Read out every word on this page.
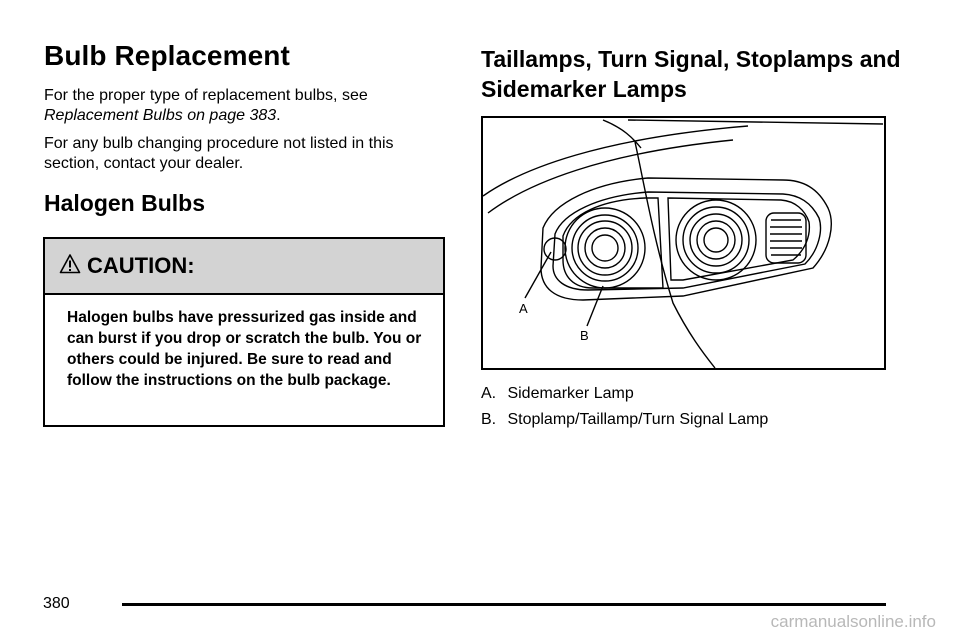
Bulb Replacement

For the proper type of replacement bulbs, see Replacement Bulbs on page 383.

For any bulb changing procedure not listed in this section, contact your dealer.

Halogen Bulbs
CAUTION:
Halogen bulbs have pressurized gas inside and can burst if you drop or scratch the bulb. You or others could be injured. Be sure to read and follow the instructions on the bulb package.
Taillamps, Turn Signal, Stoplamps and Sidemarker Lamps
A
B
A. Sidemarker Lamp
B. Stoplamp/Taillamp/Turn Signal Lamp
380
carmanualsonline.info
